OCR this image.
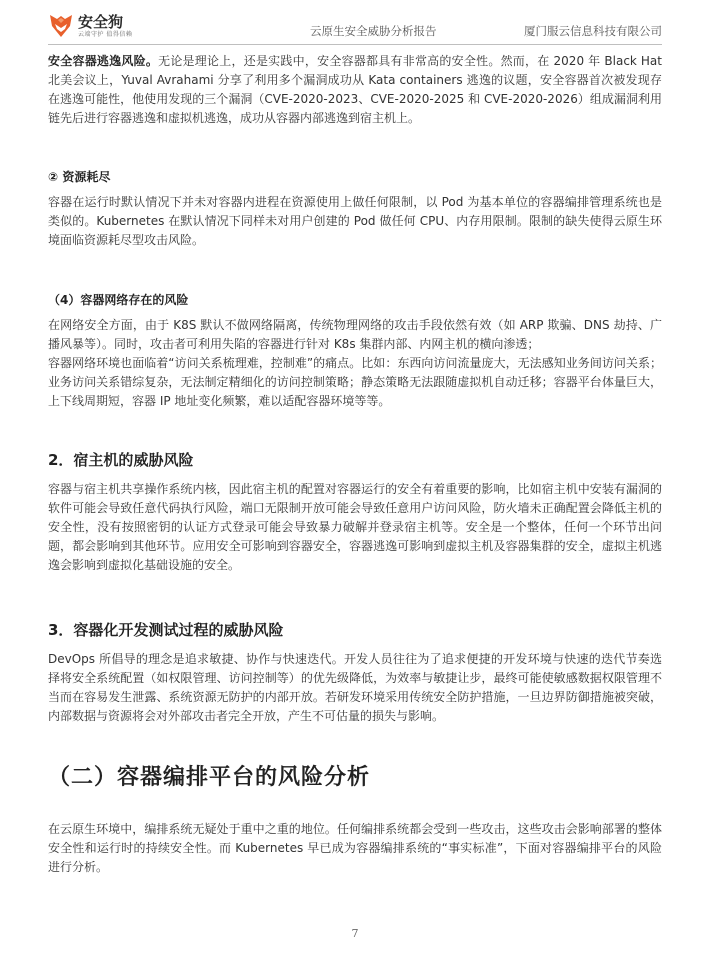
安全狗
云端守护 值得信赖	云原生安全威胁分析报告	厦门服云信息科技有限公司

安全容器逃逸风险。无论是理论上，还是实践中，安全容器都具有非常高的安全性。然而，在 2020 年 Black Hat 北美会议上，Yuval Avrahami 分享了利用多个漏洞成功从 Kata containers 逃逸的议题，安全容器首次被发现存在逃逸可能性，他使用发现的三个漏洞（CVE-2020-2023、CVE-2020-2025 和 CVE-2020-2026）组成漏洞利用链先后进行容器逃逸和虚拟机逃逸，成功从容器内部逃逸到宿主机上。

② 资源耗尽

容器在运行时默认情况下并未对容器内进程在资源使用上做任何限制，以 Pod 为基本单位的容器编排管理系统也是类似的。Kubernetes 在默认情况下同样未对用户创建的 Pod 做任何 CPU、内存用限制。限制的缺失使得云原生环境面临资源耗尽型攻击风险。

（4）容器网络存在的风险

在网络安全方面，由于 K8S 默认不做网络隔离，传统物理网络的攻击手段依然有效（如 ARP 欺骗、DNS 劫持、广播风暴等）。同时，攻击者可利用失陷的容器进行针对 K8s 集群内部、内网主机的横向渗透；

容器网络环境也面临着“访问关系梳理难，控制难”的痛点。比如：东西向访问流量庞大，无法感知业务间访问关系；业务访问关系错综复杂，无法制定精细化的访问控制策略；静态策略无法跟随虚拟机自动迁移；容器平台体量巨大，上下线周期短，容器 IP 地址变化频繁，难以适配容器环境等等。

2．宿主机的威胁风险

容器与宿主机共享操作系统内核，因此宿主机的配置对容器运行的安全有着重要的影响，比如宿主机中安装有漏洞的软件可能会导致任意代码执行风险，端口无限制开放可能会导致任意用户访问风险，防火墙未正确配置会降低主机的安全性，没有按照密钥的认证方式登录可能会导致暴力破解并登录宿主机等。安全是一个整体，任何一个环节出问题，都会影响到其他环节。应用安全可影响到容器安全，容器逃逸可影响到虚拟主机及容器集群的安全，虚拟主机逃逸会影响到虚拟化基础设施的安全。

3．容器化开发测试过程的威胁风险

DevOps 所倡导的理念是追求敏捷、协作与快速迭代。开发人员往往为了追求便捷的开发环境与快速的迭代节奏选择将安全系统配置（如权限管理、访问控制等）的优先级降低，为效率与敏捷让步，最终可能使敏感数据权限管理不当而在容易发生泄露、系统资源无防护的内部开放。若研发环境采用传统安全防护措施，一旦边界防御措施被突破，内部数据与资源将会对外部攻击者完全开放，产生不可估量的损失与影响。

（二）容器编排平台的风险分析

在云原生环境中，编排系统无疑处于重中之重的地位。任何编排系统都会受到一些攻击，这些攻击会影响部署的整体安全性和运行时的持续安全性。而 Kubernetes 早已成为容器编排系统的“事实标准”，下面对容器编排平台的风险进行分析。

7
